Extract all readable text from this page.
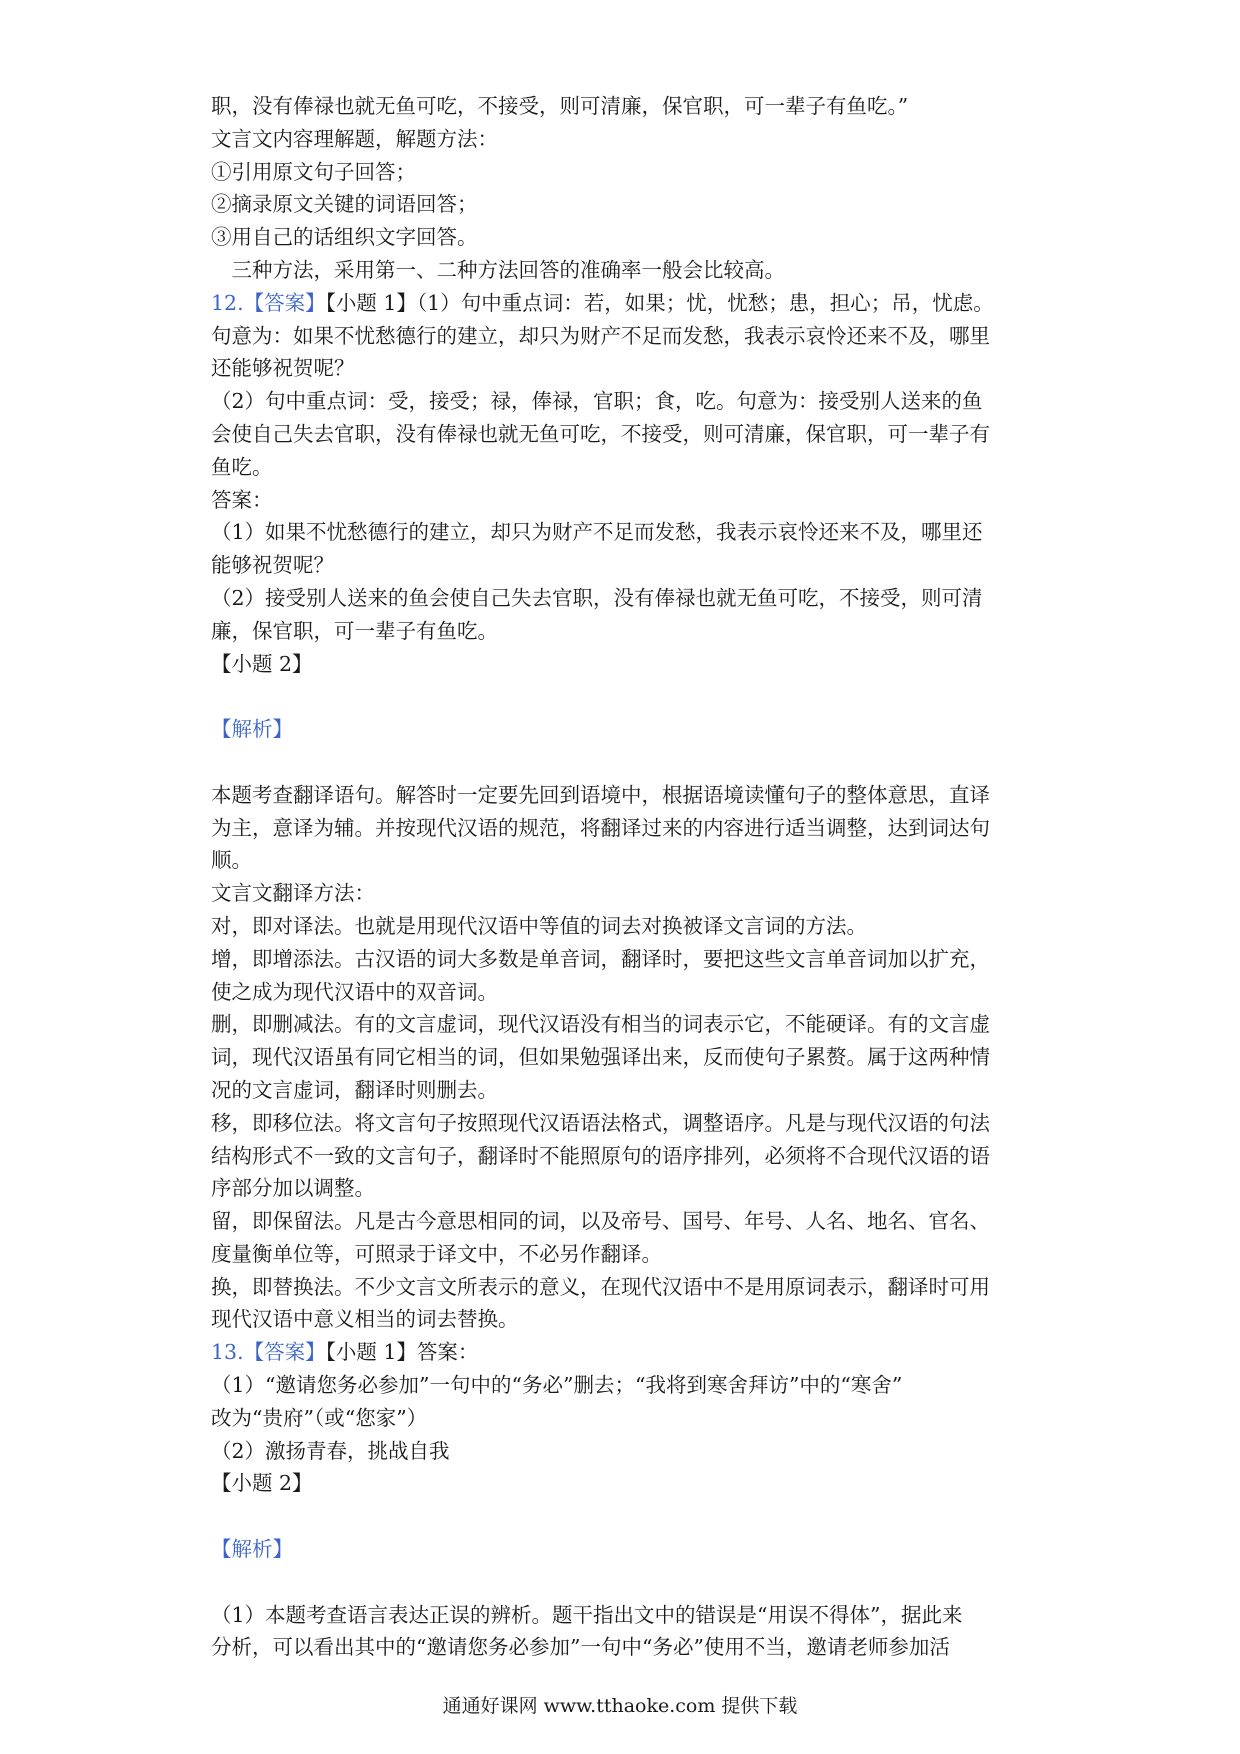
职，没有俸禄也就无鱼可吃，不接受，则可清廉，保官职，可一辈子有鱼吃。”
文言文内容理解题，解题方法：
①引用原文句子回答；
②摘录原文关键的词语回答；
③用自己的话组织文字回答。
　三种方法，采用第一、二种方法回答的准确率一般会比较高。
12.【答案】【小题 1】（1）句中重点词：若，如果；忧，忧愁；患，担心；吊，忧虑。
句意为：如果不忧愁德行的建立，却只为财产不足而发愁，我表示哀怜还来不及，哪里
还能够祝贺呢？
（2）句中重点词：受，接受；禄，俸禄，官职；食，吃。句意为：接受别人送来的鱼
会使自己失去官职，没有俸禄也就无鱼可吃，不接受，则可清廉，保官职，可一辈子有
鱼吃。
答案：
（1）如果不忧愁德行的建立，却只为财产不足而发愁，我表示哀怜还来不及，哪里还
能够祝贺呢？
（2）接受别人送来的鱼会使自己失去官职，没有俸禄也就无鱼可吃，不接受，则可清
廉，保官职，可一辈子有鱼吃。
【小题 2】
【解析】
本题考查翻译语句。解答时一定要先回到语境中，根据语境读懂句子的整体意思，直译
为主，意译为辅。并按现代汉语的规范，将翻译过来的内容进行适当调整，达到词达句
顺。
文言文翻译方法：
对，即对译法。也就是用现代汉语中等值的词去对换被译文言词的方法。
增，即增添法。古汉语的词大多数是单音词，翻译时，要把这些文言单音词加以扩充，
使之成为现代汉语中的双音词。
删，即删减法。有的文言虚词，现代汉语没有相当的词表示它，不能硬译。有的文言虚
词，现代汉语虽有同它相当的词，但如果勉强译出来，反而使句子累赘。属于这两种情
况的文言虚词，翻译时则删去。
移，即移位法。将文言句子按照现代汉语语法格式，调整语序。凡是与现代汉语的句法
结构形式不一致的文言句子，翻译时不能照原句的语序排列，必须将不合现代汉语的语
序部分加以调整。
留，即保留法。凡是古今意思相同的词，以及帝号、国号、年号、人名、地名、官名、
度量衡单位等，可照录于译文中，不必另作翻译。
换，即替换法。不少文言文所表示的意义，在现代汉语中不是用原词表示，翻译时可用
现代汉语中意义相当的词去替换。
13.【答案】【小题 1】答案：
（1）“邀请您务必参加”一句中的“务必”删去；“我将到寒舍拜访”中的“寒舍”
改为“贵府”（或“您家”）
（2）激扬青春，挑战自我
【小题 2】
【解析】
（1）本题考查语言表达正误的辨析。题干指出文中的错误是“用误不得体”，据此来
分析，可以看出其中的“邀请您务必参加”一句中“务必”使用不当，邀请老师参加活
通通好课网 www.tthaoke.com 提供下载
